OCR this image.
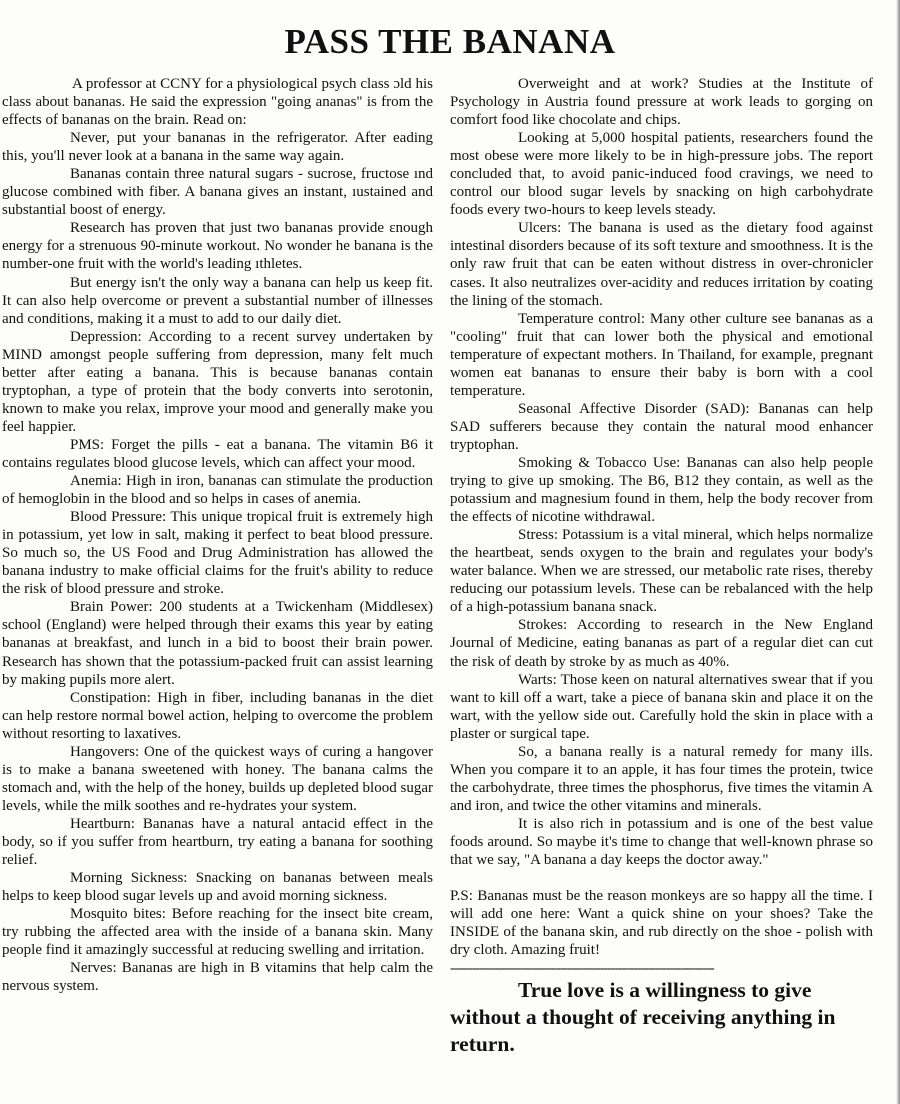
PASS THE BANANA

A professor at CCNY for a physiological psych class ɔld his class about bananas. He said the expression "going ananas" is from the effects of bananas on the brain. Read on:

Never, put your bananas in the refrigerator. After eading this, you'll never look at a banana in the same way again.

Bananas contain three natural sugars - sucrose, fructose ınd glucose combined with fiber. A banana gives an instant, ıustained and substantial boost of energy.

Research has proven that just two bananas provide ɛnough energy for a strenuous 90-minute workout. No wonder he banana is the number-one fruit with the world's leading ıthletes.

But energy isn't the only way a banana can help us keep fit. It can also help overcome or prevent a substantial number of illnesses and conditions, making it a must to add to our daily diet.

Depression: According to a recent survey undertaken by MIND amongst people suffering from depression, many felt much better after eating a banana. This is because bananas contain tryptophan, a type of protein that the body converts into serotonin, known to make you relax, improve your mood and generally make you feel happier.

PMS: Forget the pills - eat a banana. The vitamin B6 it contains regulates blood glucose levels, which can affect your mood.

Anemia: High in iron, bananas can stimulate the production of hemoglobin in the blood and so helps in cases of anemia.

Blood Pressure: This unique tropical fruit is extremely high in potassium, yet low in salt, making it perfect to beat blood pressure. So much so, the US Food and Drug Administration has allowed the banana industry to make official claims for the fruit's ability to reduce the risk of blood pressure and stroke.

Brain Power: 200 students at a Twickenham (Middlesex) school (England) were helped through their exams this year by eating bananas at breakfast, and lunch in a bid to boost their brain power. Research has shown that the potassium-packed fruit can assist learning by making pupils more alert.

Constipation: High in fiber, including bananas in the diet can help restore normal bowel action, helping to overcome the problem without resorting to laxatives.

Hangovers: One of the quickest ways of curing a hangover is to make a banana sweetened with honey. The banana calms the stomach and, with the help of the honey, builds up depleted blood sugar levels, while the milk soothes and re-hydrates your system.

Heartburn: Bananas have a natural antacid effect in the body, so if you suffer from heartburn, try eating a banana for soothing relief.

Morning Sickness: Snacking on bananas between meals helps to keep blood sugar levels up and avoid morning sickness.

Mosquito bites: Before reaching for the insect bite cream, try rubbing the affected area with the inside of a banana skin. Many people find it amazingly successful at reducing swelling and irritation.

Nerves: Bananas are high in B vitamins that help calm the nervous system.

Overweight and at work? Studies at the Institute of Psychology in Austria found pressure at work leads to gorging on comfort food like chocolate and chips.

Looking at 5,000 hospital patients, researchers found the most obese were more likely to be in high-pressure jobs. The report concluded that, to avoid panic-induced food cravings, we need to control our blood sugar levels by snacking on high carbohydrate foods every two-hours to keep levels steady.

Ulcers: The banana is used as the dietary food against intestinal disorders because of its soft texture and smoothness. It is the only raw fruit that can be eaten without distress in over-chronicler cases. It also neutralizes over-acidity and reduces irritation by coating the lining of the stomach.

Temperature control: Many other culture see bananas as a "cooling" fruit that can lower both the physical and emotional temperature of expectant mothers. In Thailand, for example, pregnant women eat bananas to ensure their baby is born with a cool temperature.

Seasonal Affective Disorder (SAD): Bananas can help SAD sufferers because they contain the natural mood enhancer tryptophan.

Smoking & Tobacco Use: Bananas can also help people trying to give up smoking. The B6, B12 they contain, as well as the potassium and magnesium found in them, help the body recover from the effects of nicotine withdrawal.

Stress: Potassium is a vital mineral, which helps normalize the heartbeat, sends oxygen to the brain and regulates your body's water balance. When we are stressed, our metabolic rate rises, thereby reducing our potassium levels. These can be rebalanced with the help of a high-potassium banana snack.

Strokes: According to research in the New England Journal of Medicine, eating bananas as part of a regular diet can cut the risk of death by stroke by as much as 40%.

Warts: Those keen on natural alternatives swear that if you want to kill off a wart, take a piece of banana skin and place it on the wart, with the yellow side out. Carefully hold the skin in place with a plaster or surgical tape.

So, a banana really is a natural remedy for many ills. When you compare it to an apple, it has four times the protein, twice the carbohydrate, three times the phosphorus, five times the vitamin A and iron, and twice the other vitamins and minerals.

It is also rich in potassium and is one of the best value foods around. So maybe it's time to change that well-known phrase so that we say, "A banana a day keeps the doctor away."

P.S: Bananas must be the reason monkeys are so happy all the time. I will add one here: Want a quick shine on your shoes? Take the INSIDE of the banana skin, and rub directly on the shoe - polish with dry cloth. Amazing fruit!

------------------------------------------------------------------------

True love is a willingness to give without a thought of receiving anything in return.
